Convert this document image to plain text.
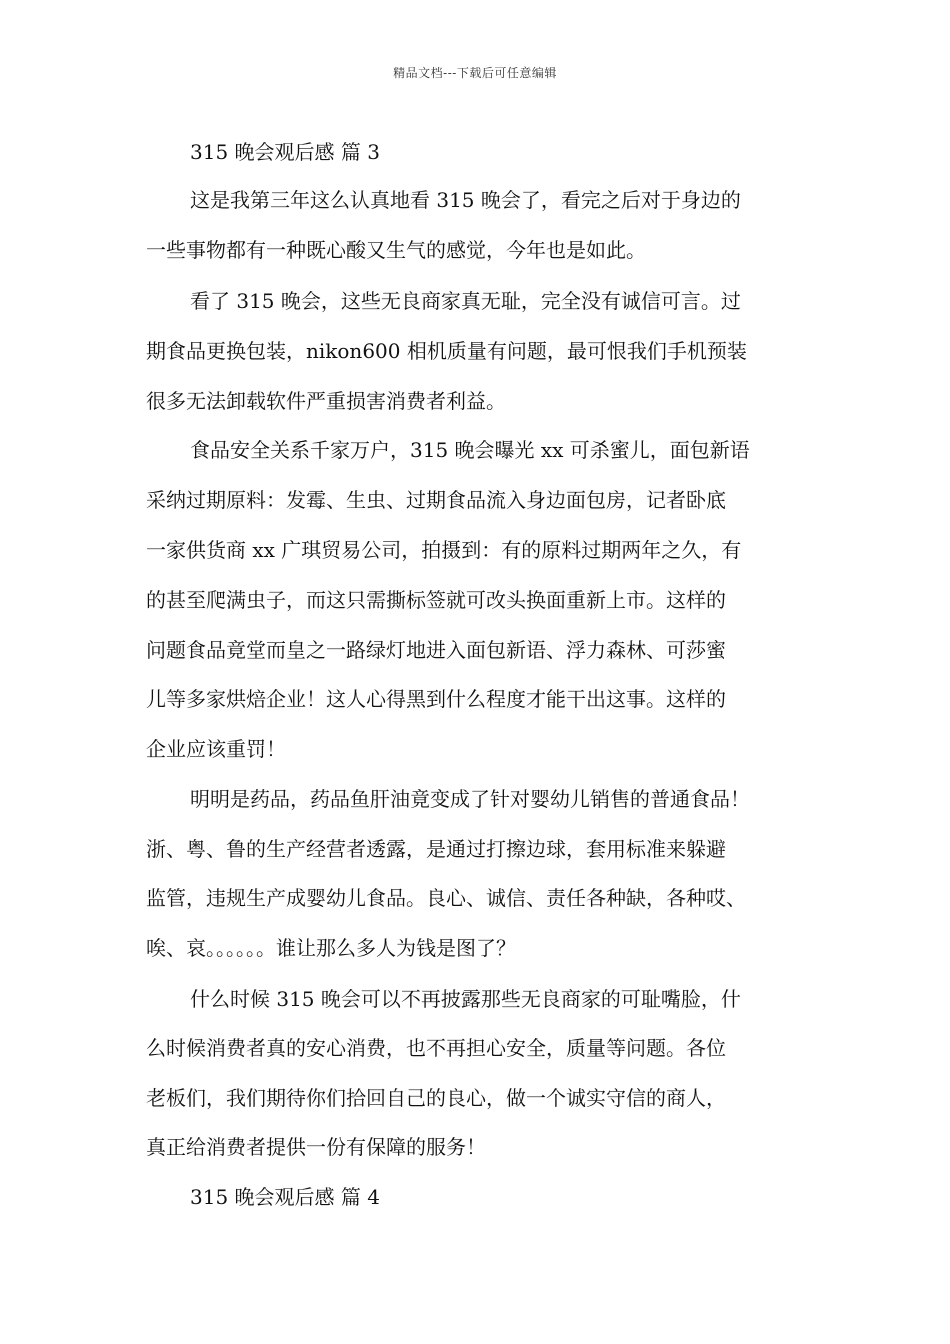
精品文档---下载后可任意编辑
315 晚会观后感 篇 3
这是我第三年这么认真地看 315 晚会了，看完之后对于身边的
一些事物都有一种既心酸又生气的感觉，今年也是如此。
看了 315 晚会，这些无良商家真无耻，完全没有诚信可言。过
期食品更换包装，nikon600 相机质量有问题，最可恨我们手机预装
很多无法卸载软件严重损害消费者利益。
食品安全关系千家万户，315 晚会曝光 xx 可杀蜜儿，面包新语
采纳过期原料：发霉、生虫、过期食品流入身边面包房，记者卧底
一家供货商 xx 广琪贸易公司，拍摄到：有的原料过期两年之久，有
的甚至爬满虫子，而这只需撕标签就可改头换面重新上市。这样的
问题食品竟堂而皇之一路绿灯地进入面包新语、浮力森林、可莎蜜
儿等多家烘焙企业！这人心得黑到什么程度才能干出这事。这样的
企业应该重罚！
明明是药品，药品鱼肝油竟变成了针对婴幼儿销售的普通食品！
浙、粤、鲁的生产经营者透露，是通过打擦边球，套用标准来躲避
监管，违规生产成婴幼儿食品。良心、诚信、责任各种缺，各种哎、
唉、哀。。。。。。谁让那么多人为钱是图了？
什么时候 315 晚会可以不再披露那些无良商家的可耻嘴脸，什
么时候消费者真的安心消费，也不再担心安全，质量等问题。各位
老板们，我们期待你们拾回自己的良心，做一个诚实守信的商人，
真正给消费者提供一份有保障的服务！
315 晚会观后感 篇 4
